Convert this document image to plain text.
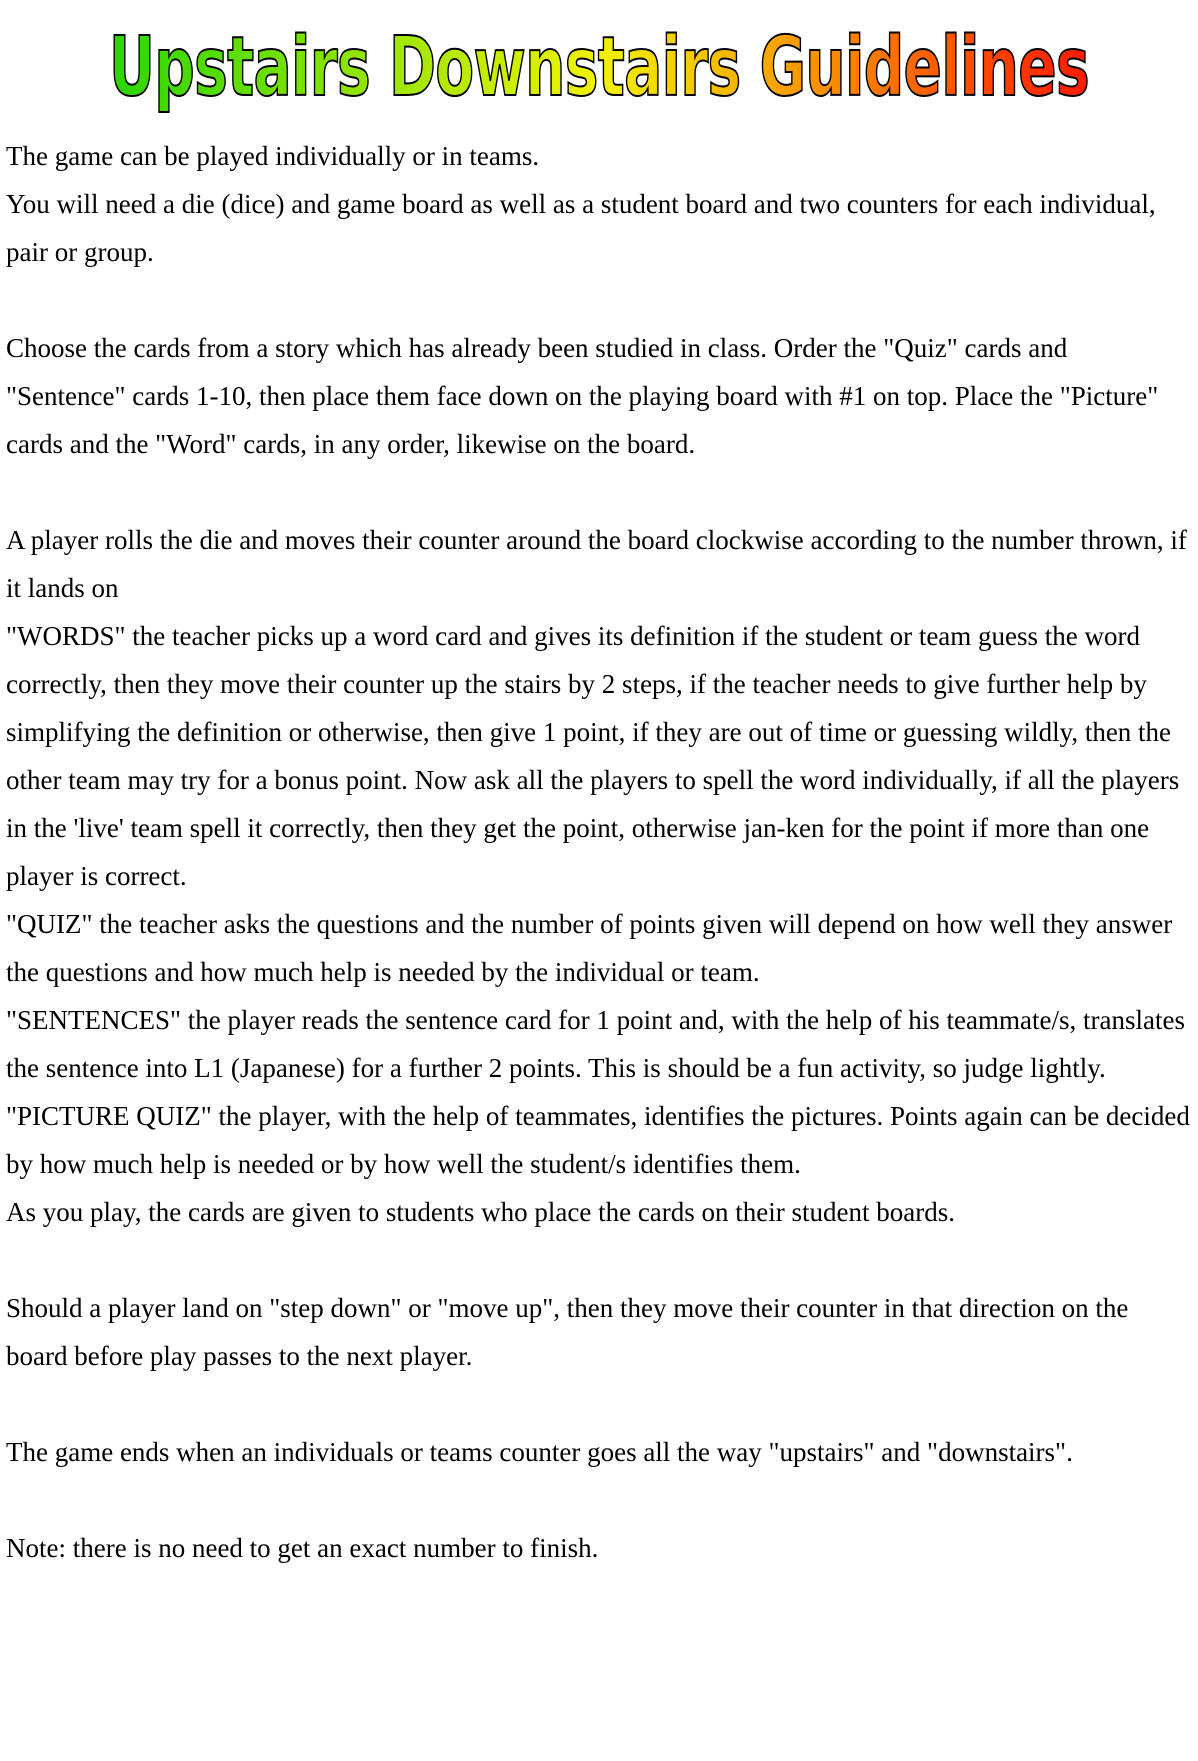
Upstairs Downstairs Guidelines

The game can be played individually or in teams.

You will need a die (dice) and game board as well as a student board and two counters for each individual, pair or group.

Choose the cards from a story which has already been studied in class. Order the "Quiz" cards and "Sentence" cards 1-10, then place them face down on the playing board with #1 on top. Place the "Picture" cards and the "Word" cards, in any order, likewise on the board.

A player rolls the die and moves their counter around the board clockwise according to the number thrown, if it lands on

"WORDS" the teacher picks up a word card and gives its definition if the student or team guess the word correctly, then they move their counter up the stairs by 2 steps, if the teacher needs to give further help by simplifying the definition or otherwise, then give 1 point, if they are out of time or guessing wildly, then the other team may try for a bonus point. Now ask all the players to spell the word individually, if all the players in the 'live' team spell it correctly, then they get the point, otherwise jan-ken for the point if more than one player is correct.

"QUIZ" the teacher asks the questions and the number of points given will depend on how well they answer the questions and how much help is needed by the individual or team.

"SENTENCES" the player reads the sentence card for 1 point and, with the help of his teammate/s, translates the sentence into L1 (Japanese) for a further 2 points. This is should be a fun activity, so judge lightly.

"PICTURE QUIZ" the player, with the help of teammates, identifies the pictures. Points again can be decided by how much help is needed or by how well the student/s identifies them.

As you play, the cards are given to students who place the cards on their student boards.

Should a player land on "step down" or "move up", then they move their counter in that direction on the board before play passes to the next player.

The game ends when an individuals or teams counter goes all the way "upstairs" and "downstairs".

Note: there is no need to get an exact number to finish.
